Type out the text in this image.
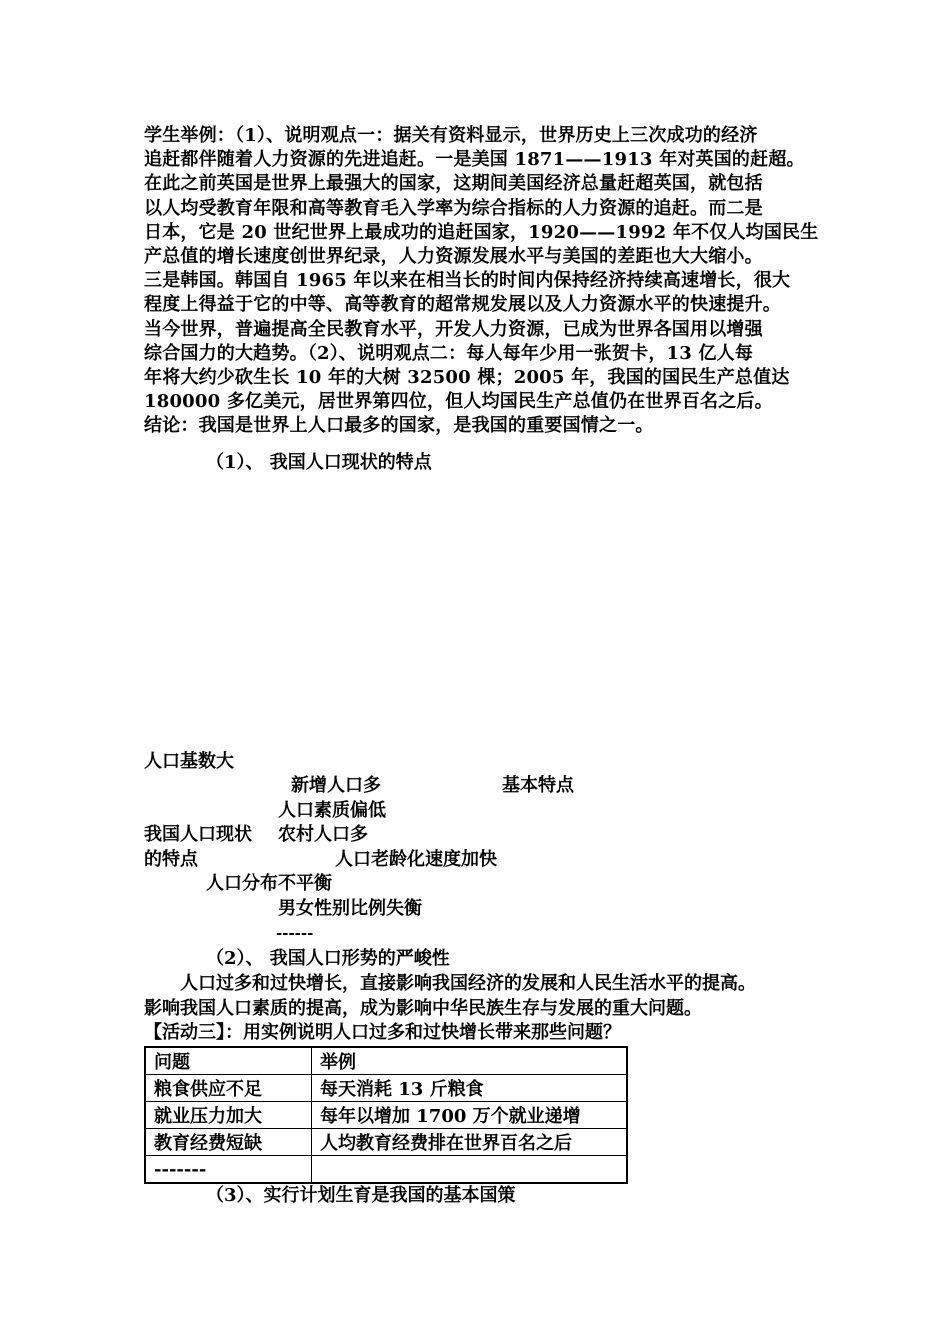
学生举例：（1）、说明观点一：据关有资料显示，世界历史上三次成功的经济
追赶都伴随着人力资源的先进追赶。一是美国 1871——1913 年对英国的赶超。
在此之前英国是世界上最强大的国家，这期间美国经济总量赶超英国，就包括
以人均受教育年限和高等教育毛入学率为综合指标的人力资源的追赶。而二是
日本，它是 20 世纪世界上最成功的追赶国家，1920——1992 年不仅人均国民生
产总值的增长速度创世界纪录，人力资源发展水平与美国的差距也大大缩小。
三是韩国。韩国自 1965 年以来在相当长的时间内保持经济持续高速增长，很大
程度上得益于它的中等、高等教育的超常规发展以及人力资源水平的快速提升。
当今世界，普遍提高全民教育水平，开发人力资源，已成为世界各国用以增强
综合国力的大趋势。（2）、说明观点二：每人每年少用一张贺卡，13 亿人每
年将大约少砍生长 10 年的大树 32500 棵；2005 年，我国的国民生产总值达
180000 多亿美元，居世界第四位，但人均国民生产总值仍在世界百名之后。
结论：我国是世界上人口最多的国家，是我国的重要国情之一。
（1）、 我国人口现状的特点
人口基数大
新增人口多	基本特点
人口素质偏低
我国人口现状 农村人口多
的特点	人口老龄化速度加快
人口分布不平衡
男女性别比例失衡
------
（2）、 我国人口形势的严峻性
人口过多和过快增长，直接影响我国经济的发展和人民生活水平的提高。
影响我国人口素质的提高，成为影响中华民族生存与发展的重大问题。
【活动三】：用实例说明人口过多和过快增长带来那些问题？
问题	举例
粮食供应不足	每天消耗 13 斤粮食
就业压力加大	每年以增加 1700 万个就业递增
教育经费短缺	人均教育经费排在世界百名之后
-------	
（3）、实行计划生育是我国的基本国策
